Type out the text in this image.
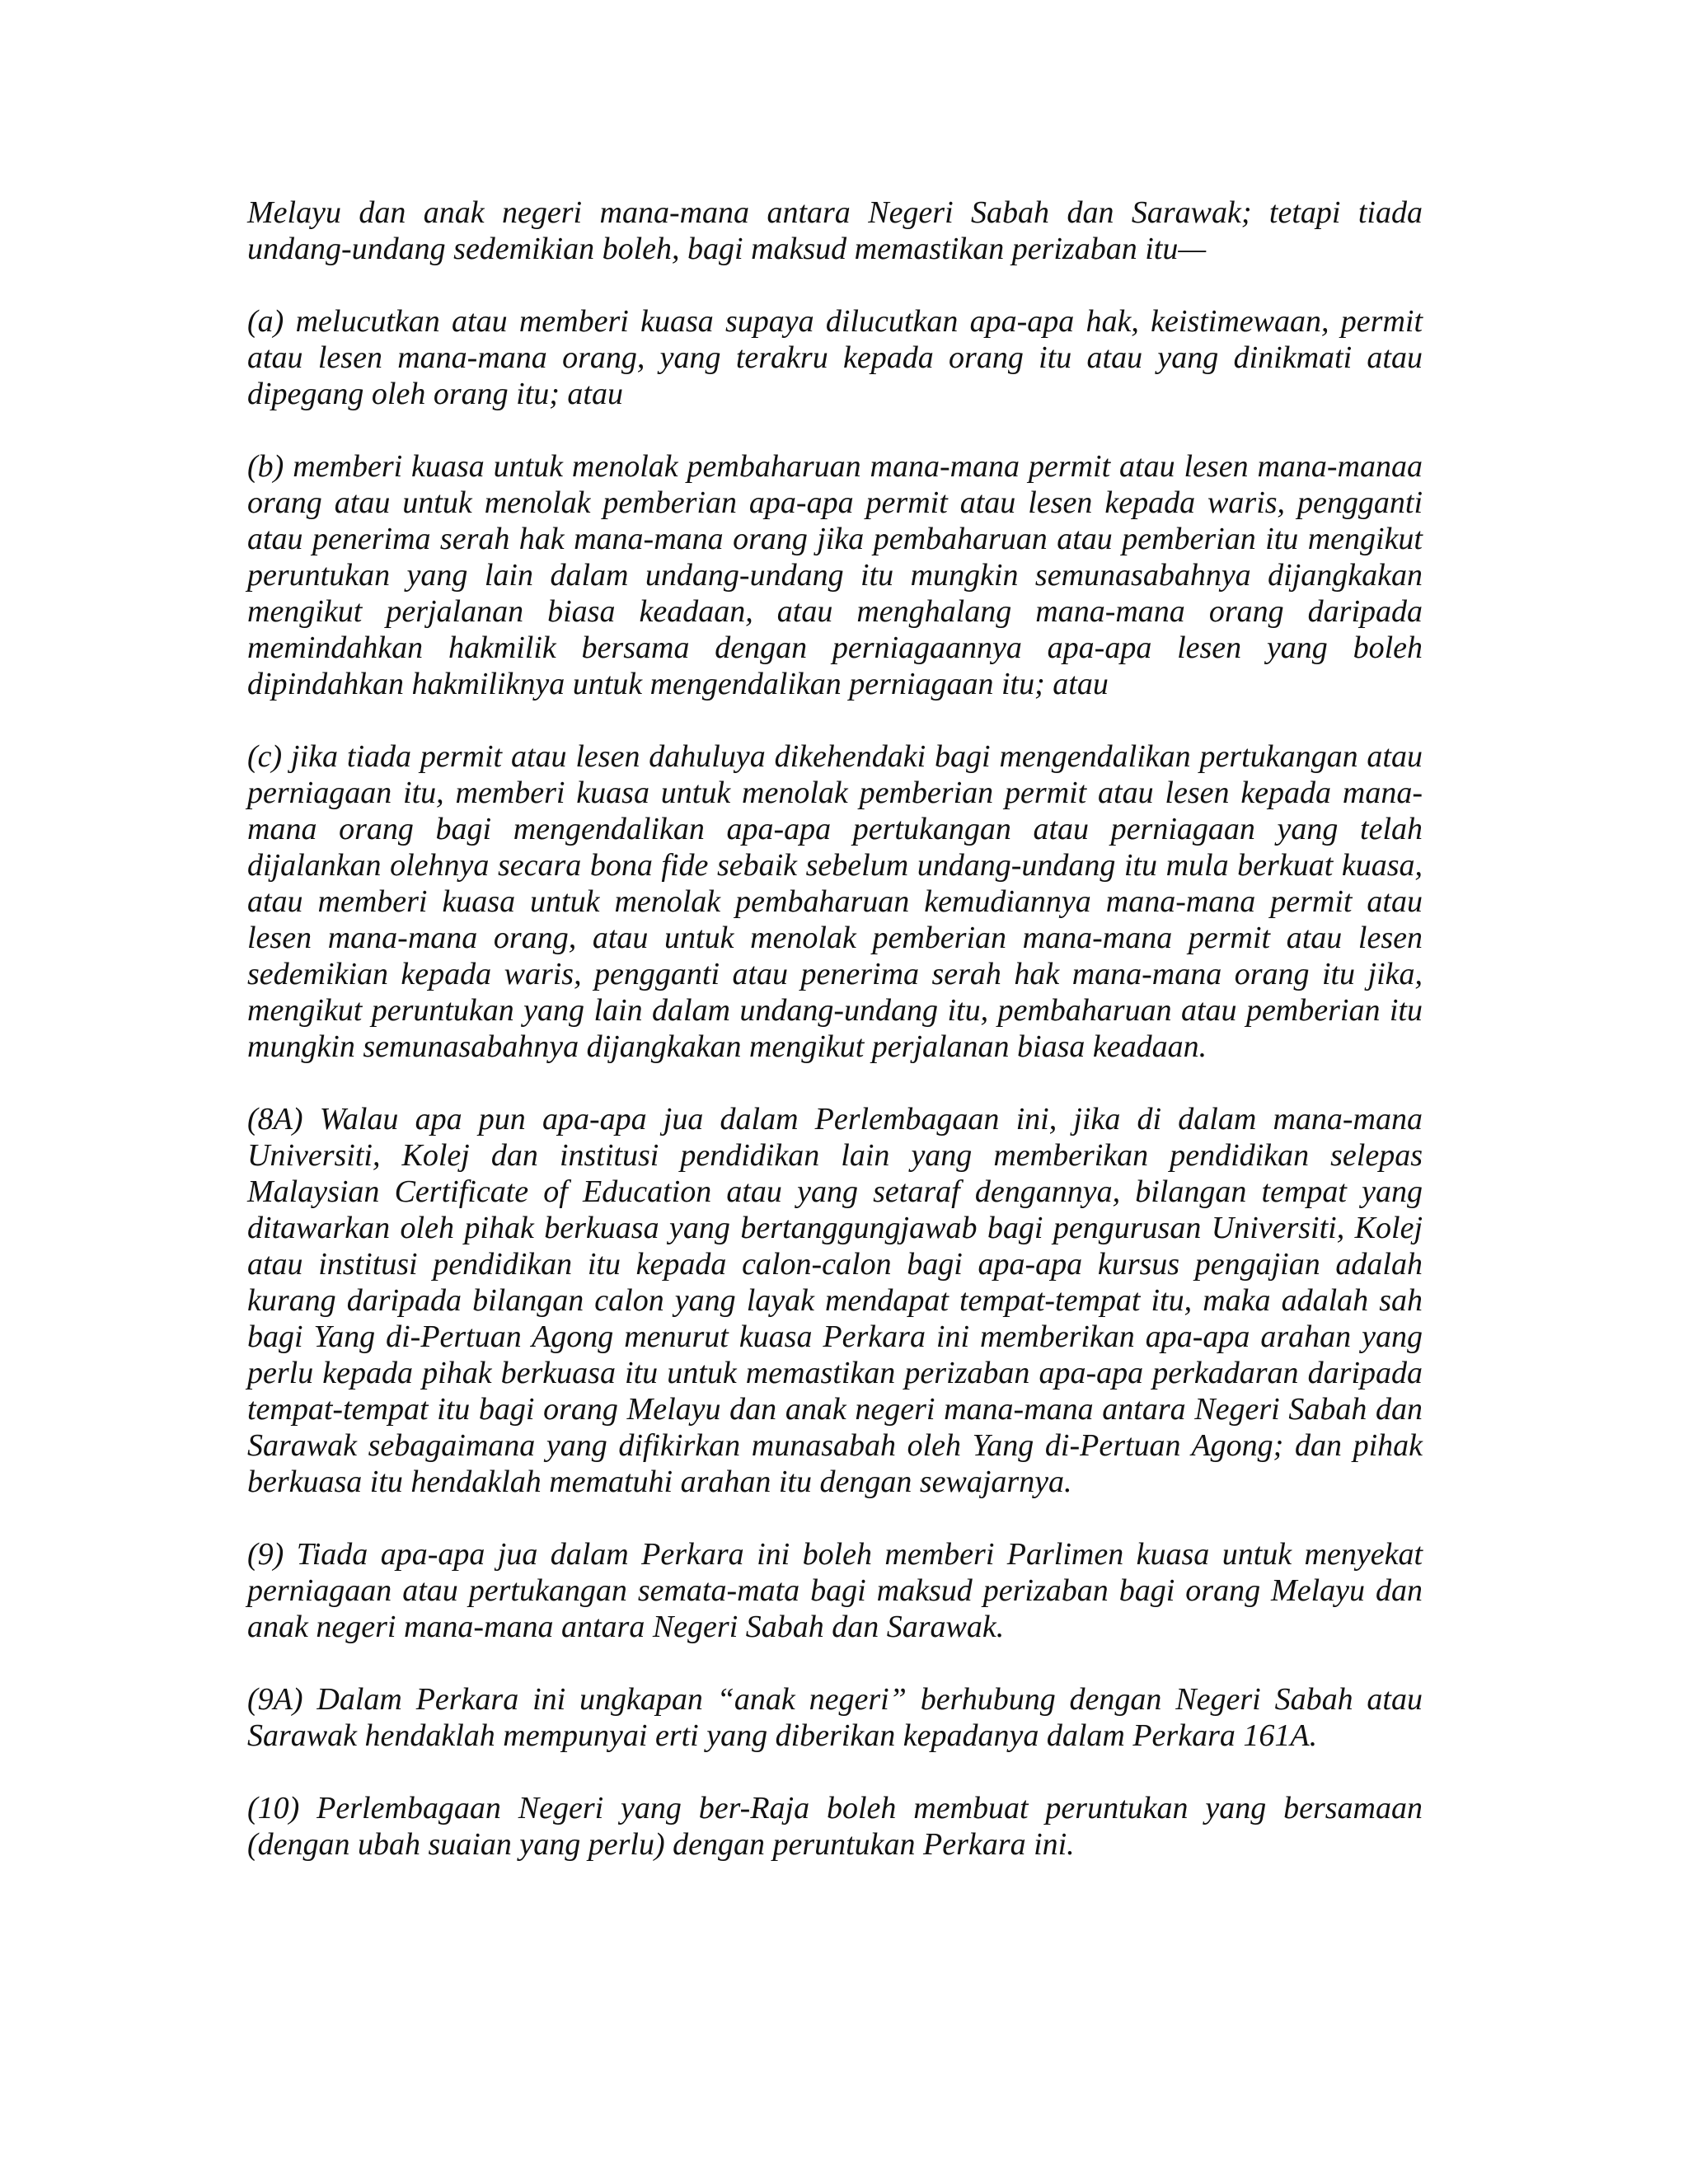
Melayu dan anak negeri mana-mana antara Negeri Sabah dan Sarawak; tetapi tiada undang-undang sedemikian boleh, bagi maksud memastikan perizaban itu—

(a) melucutkan atau memberi kuasa supaya dilucutkan apa-apa hak, keistimewaan, permit atau lesen mana-mana orang, yang terakru kepada orang itu atau yang dinikmati atau dipegang oleh orang itu; atau

(b) memberi kuasa untuk menolak pembaharuan mana-mana permit atau lesen mana-manaa orang atau untuk menolak pemberian apa-apa permit atau lesen kepada waris, pengganti atau penerima serah hak mana-mana orang jika pembaharuan atau pemberian itu mengikut peruntukan yang lain dalam undang-undang itu mungkin semunasabahnya dijangkakan mengikut perjalanan biasa keadaan, atau menghalang mana-mana orang daripada memindahkan hakmilik bersama dengan perniagaannya apa-apa lesen yang boleh dipindahkan hakmiliknya untuk mengendalikan perniagaan itu; atau

(c) jika tiada permit atau lesen dahuluya dikehendaki bagi mengendalikan pertukangan atau perniagaan itu, memberi kuasa untuk menolak pemberian permit atau lesen kepada mana-mana orang bagi mengendalikan apa-apa pertukangan atau perniagaan yang telah dijalankan olehnya secara bona fide sebaik sebelum undang-undang itu mula berkuat kuasa, atau memberi kuasa untuk menolak pembaharuan kemudiannya mana-mana permit atau lesen mana-mana orang, atau untuk menolak pemberian mana-mana permit atau lesen sedemikian kepada waris, pengganti atau penerima serah hak mana-mana orang itu jika, mengikut peruntukan yang lain dalam undang-undang itu, pembaharuan atau pemberian itu mungkin semunasabahnya dijangkakan mengikut perjalanan biasa keadaan.

(8A) Walau apa pun apa-apa jua dalam Perlembagaan ini, jika di dalam mana-mana Universiti, Kolej dan institusi pendidikan lain yang memberikan pendidikan selepas Malaysian Certificate of Education atau yang setaraf dengannya, bilangan tempat yang ditawarkan oleh pihak berkuasa yang bertanggungjawab bagi pengurusan Universiti, Kolej atau institusi pendidikan itu kepada calon-calon bagi apa-apa kursus pengajian adalah kurang daripada bilangan calon yang layak mendapat tempat-tempat itu, maka adalah sah bagi Yang di-Pertuan Agong menurut kuasa Perkara ini memberikan apa-apa arahan yang perlu kepada pihak berkuasa itu untuk memastikan perizaban apa-apa perkadaran daripada tempat-tempat itu bagi orang Melayu dan anak negeri mana-mana antara Negeri Sabah dan Sarawak sebagaimana yang difikirkan munasabah oleh Yang di-Pertuan Agong; dan pihak berkuasa itu hendaklah mematuhi arahan itu dengan sewajarnya.

(9) Tiada apa-apa jua dalam Perkara ini boleh memberi Parlimen kuasa untuk menyekat perniagaan atau pertukangan semata-mata bagi maksud perizaban bagi orang Melayu dan anak negeri mana-mana antara Negeri Sabah dan Sarawak.

(9A) Dalam Perkara ini ungkapan “anak negeri” berhubung dengan Negeri Sabah atau Sarawak hendaklah mempunyai erti yang diberikan kepadanya dalam Perkara 161A.

(10) Perlembagaan Negeri yang ber-Raja boleh membuat peruntukan yang bersamaan (dengan ubah suaian yang perlu) dengan peruntukan Perkara ini.
